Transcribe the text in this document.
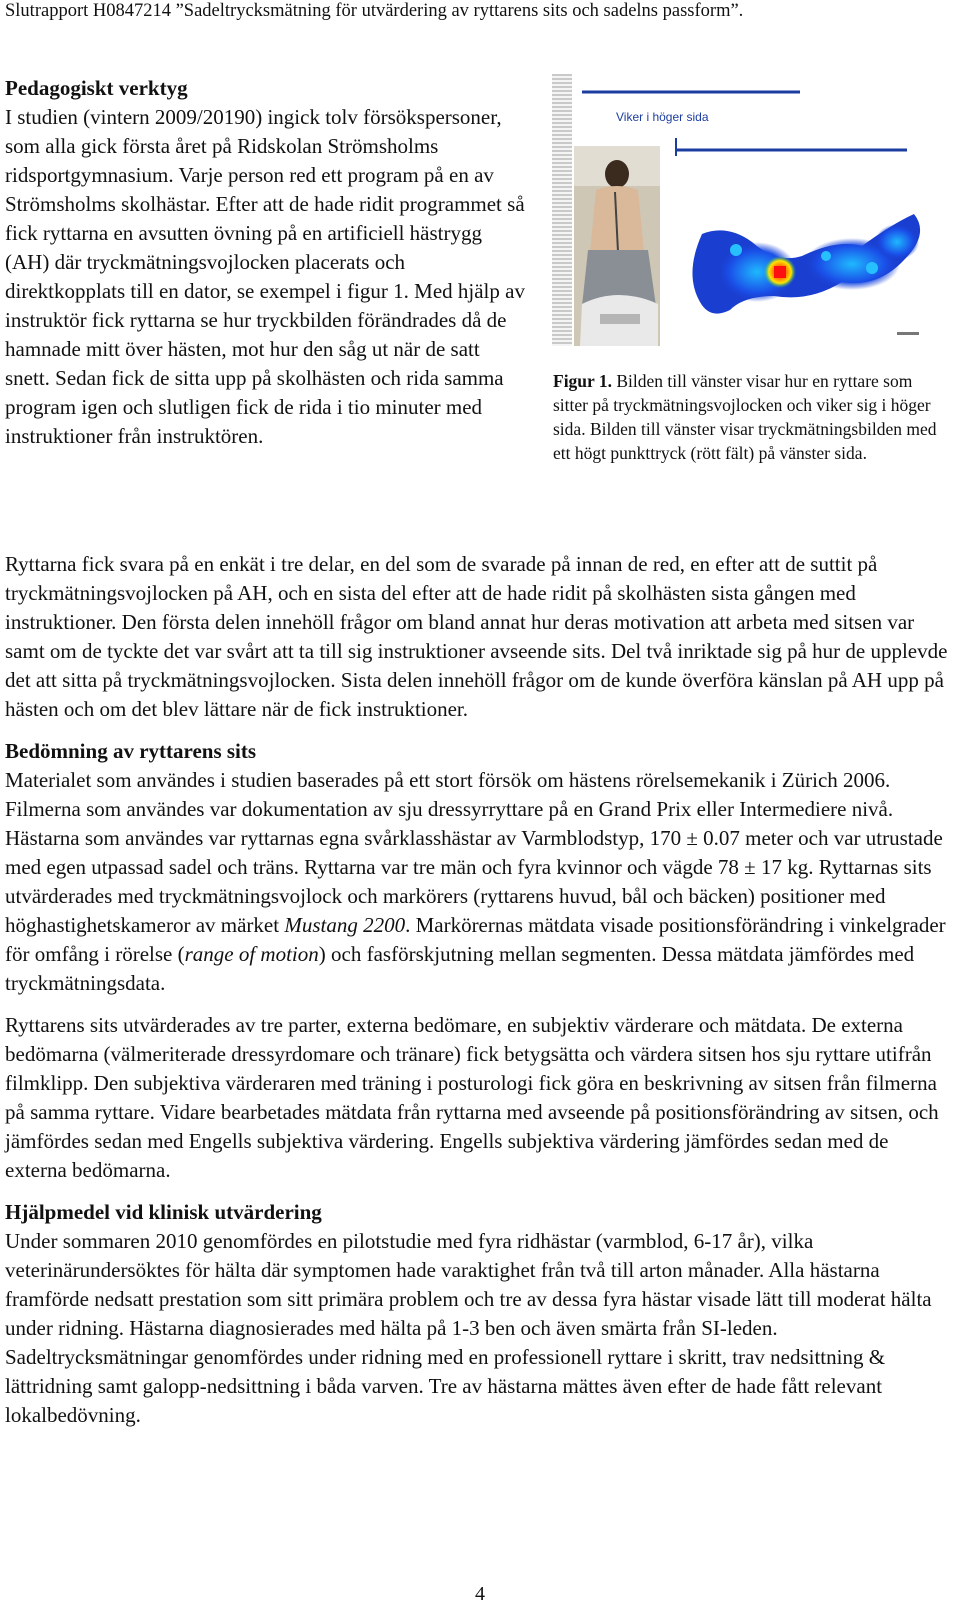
Slutrapport H0847214 ”Sadeltrycksmätning för utvärdering av ryttarens sits och sadelns passform”.

Pedagogiskt verktyg

I studien (vintern 2009/20190) ingick tolv försökspersoner, som alla gick första året på Ridskolan Strömsholms ridsportgymnasium. Varje person red ett program på en av Strömsholms skolhästar. Efter att de hade ridit programmet så fick ryttarna en avsutten övning på en artificiell hästrygg (AH) där tryckmätningsvojlocken placerats och direktkopplats till en dator, se exempel i figur 1. Med hjälp av instruktör fick ryttarna se hur tryckbilden förändrades då de hamnade mitt över hästen, mot hur den såg ut när de satt snett. Sedan fick de sitta upp på skolhästen och rida samma program igen och slutligen fick de rida i tio minuter med instruktioner från instruktören.

Viker i höger sida
Figur 1. Bilden till vänster visar hur en ryttare som sitter på tryckmätningsvojlocken och viker sig i höger sida. Bilden till vänster visar tryckmätningsbilden med ett högt punkttryck (rött fält) på vänster sida.

Ryttarna fick svara på en enkät i tre delar, en del som de svarade på innan de red, en efter att de suttit på tryckmätningsvojlocken på AH, och en sista del efter att de hade ridit på skolhästen sista gången med instruktioner. Den första delen innehöll frågor om bland annat hur deras motivation att arbeta med sitsen var samt om de tyckte det var svårt att ta till sig instruktioner avseende sits. Del två inriktade sig på hur de upplevde det att sitta på tryckmätningsvojlocken. Sista delen innehöll frågor om de kunde överföra känslan på AH upp på hästen och om det blev lättare när de fick instruktioner.

Bedömning av ryttarens sits

Materialet som användes i studien baserades på ett stort försök om hästens rörelsemekanik i Zürich 2006. Filmerna som användes var dokumentation av sju dressyrryttare på en Grand Prix eller Intermediere nivå. Hästarna som användes var ryttarnas egna svårklasshästar av Varmblodstyp, 170 ± 0.07 meter och var utrustade med egen utpassad sadel och träns. Ryttarna var tre män och fyra kvinnor och vägde 78 ± 17 kg. Ryttarnas sits utvärderades med tryckmätningsvojlock och markörers (ryttarens huvud, bål och bäcken) positioner med höghastighetskameror av märket Mustang 2200. Markörernas mätdata visade positionsförändring i vinkelgrader för omfång i rörelse (range of motion) och fasförskjutning mellan segmenten. Dessa mätdata jämfördes med tryckmätningsdata.

Ryttarens sits utvärderades av tre parter, externa bedömare, en subjektiv värderare och mätdata. De externa bedömarna (välmeriterade dressyrdomare och tränare) fick betygsätta och värdera sitsen hos sju ryttare utifrån filmklipp. Den subjektiva värderaren med träning i posturologi fick göra en beskrivning av sitsen från filmerna på samma ryttare. Vidare bearbetades mätdata från ryttarna med avseende på positionsförändring av sitsen, och jämfördes sedan med Engells subjektiva värdering. Engells subjektiva värdering jämfördes sedan med de externa bedömarna.

Hjälpmedel vid klinisk utvärdering

Under sommaren 2010 genomfördes en pilotstudie med fyra ridhästar (varmblod, 6-17 år), vilka veterinärundersöktes för hälta där symptomen hade varaktighet från två till arton månader. Alla hästarna framförde nedsatt prestation som sitt primära problem och tre av dessa fyra hästar visade lätt till moderat hälta under ridning. Hästarna diagnosierades med hälta på 1-3 ben och även smärta från SI-leden. Sadeltrycksmätningar genomfördes under ridning med en professionell ryttare i skritt, trav nedsittning & lättridning samt galopp-nedsittning i båda varven. Tre av hästarna mättes även efter de hade fått relevant lokalbedövning.

4
